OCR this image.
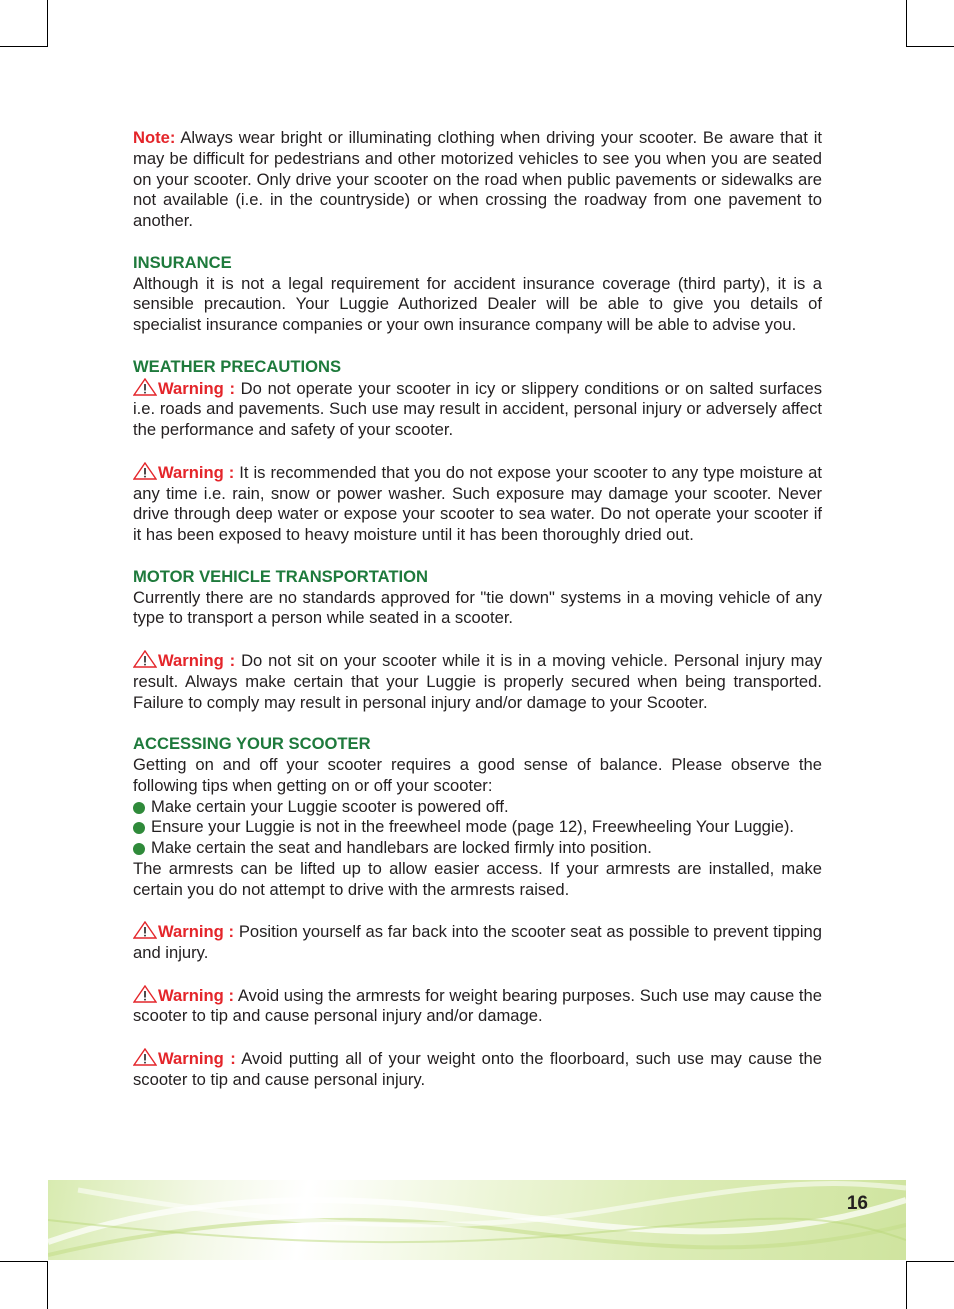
Note: Always wear bright or illuminating clothing when driving your scooter. Be aware that it may be difficult for pedestrians and other motorized vehicles to see you when you are seated on your scooter. Only drive your scooter on the road when public pavements or sidewalks are not available (i.e. in the countryside) or when crossing the roadway from one pavement to another.

INSURANCE

Although it is not a legal requirement for accident insurance coverage (third party), it is a sensible precaution. Your Luggie Authorized Dealer will be able to give you details of specialist insurance companies or your own insurance company will be able to advise you.

WEATHER PRECAUTIONS

Warning : Do not operate your scooter in icy or slippery conditions or on salted surfaces i.e. roads and pavements. Such use may result in accident, personal injury or adversely affect the performance and safety of your scooter.

Warning : It is recommended that you do not expose your scooter to any type moisture at any time i.e. rain, snow or power washer. Such exposure may damage your scooter. Never drive through deep water or expose your scooter to sea water. Do not operate your scooter if it has been exposed to heavy moisture until it has been thoroughly dried out.

MOTOR VEHICLE TRANSPORTATION

Currently there are no standards approved for "tie down" systems in a moving vehicle of any type to transport a person while seated in a scooter.

Warning : Do not sit on your scooter while it is in a moving vehicle. Personal injury may result. Always make certain that your Luggie is properly secured when being transported. Failure to comply may result in personal injury and/or damage to your Scooter.

ACCESSING YOUR SCOOTER

Getting on and off your scooter requires a good sense of balance. Please observe the following tips when getting on or off your scooter:

Make certain your Luggie scooter is powered off.
Ensure your Luggie is not in the freewheel mode (page 12), Freewheeling Your Luggie).
Make certain the seat and handlebars are locked firmly into position.

The armrests can be lifted up to allow easier access. If your armrests are installed, make certain you do not attempt to drive with the armrests raised.

Warning : Position yourself as far back into the scooter seat as possible to prevent tipping and injury.

Warning : Avoid using the armrests for weight bearing purposes. Such use may cause the scooter to tip and cause personal injury and/or damage.

Warning : Avoid putting all of your weight onto the floorboard, such use may cause the scooter to tip and cause personal injury.

16
